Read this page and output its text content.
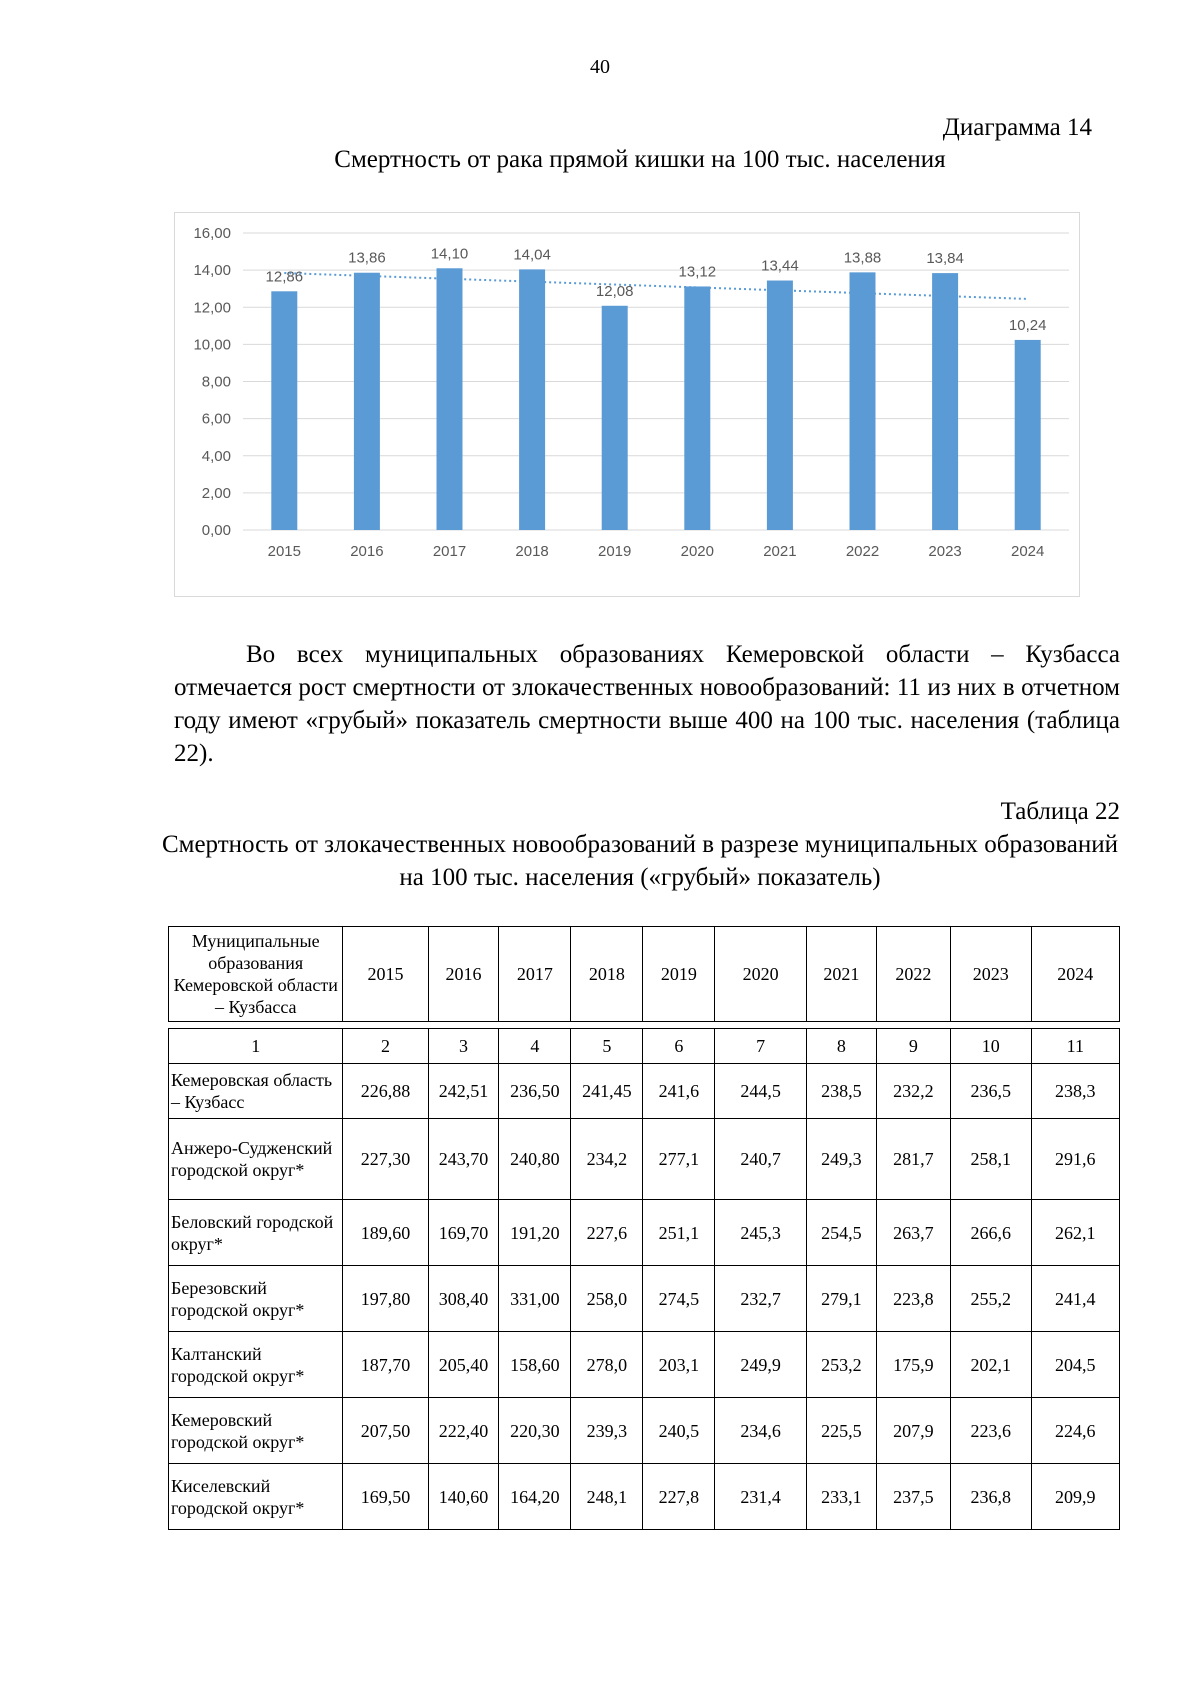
40
Диаграмма 14
Смертность от рака прямой кишки на 100 тыс. населения
0,00
2,00
4,00
6,00
8,00
10,00
12,00
14,00
16,00
12,86
2015
13,86
2016
14,10
2017
14,04
2018
12,08
2019
13,12
2020
13,44
2021
13,88
2022
13,84
2023
10,24
2024

Во всех муниципальных образованиях Кемеровской области – Кузбасса отмечается рост смертности от злокачественных новообразований: 11 из них в отчетном году имеют «грубый» показатель смертности выше 400 на 100 тыс. населения (таблица 22).

Таблица 22
Смертность от злокачественных новообразований в разрезе муниципальных образований на 100 тыс. населения («грубый» показатель)
Муниципальные образования Кемеровской области – Кузбасса	2015	2016	2017	2018	2019	2020	2021	2022	2023	2024
1	2	3	4	5	6	7	8	9	10	11
Кемеровская область – Кузбасс	226,88	242,51	236,50	241,45	241,6	244,5	238,5	232,2	236,5	238,3
Анжеро-Судженский городской округ*	227,30	243,70	240,80	234,2	277,1	240,7	249,3	281,7	258,1	291,6
Беловский городской округ*	189,60	169,70	191,20	227,6	251,1	245,3	254,5	263,7	266,6	262,1
Березовский городской округ*	197,80	308,40	331,00	258,0	274,5	232,7	279,1	223,8	255,2	241,4
Калтанский городской округ*	187,70	205,40	158,60	278,0	203,1	249,9	253,2	175,9	202,1	204,5
Кемеровский городской округ*	207,50	222,40	220,30	239,3	240,5	234,6	225,5	207,9	223,6	224,6
Киселевский городской округ*	169,50	140,60	164,20	248,1	227,8	231,4	233,1	237,5	236,8	209,9
